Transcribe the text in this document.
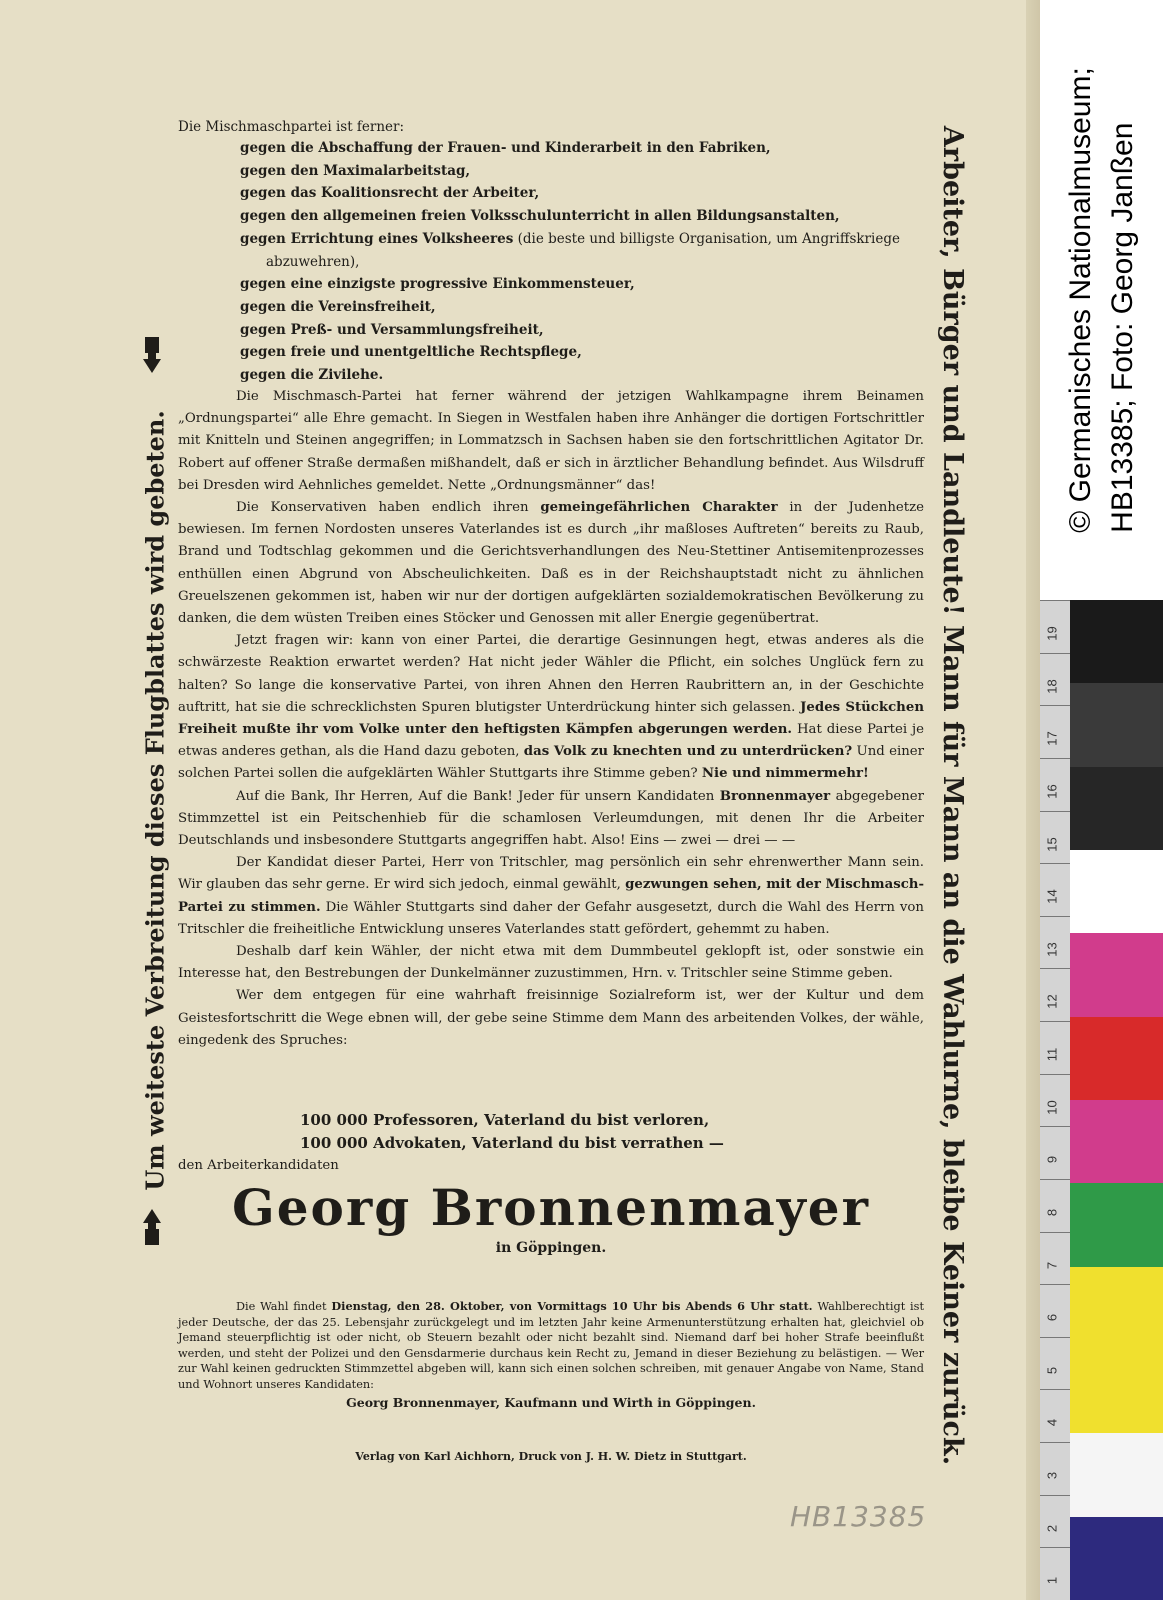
Die Mischmaschpartei ist ferner:
gegen die Abschaffung der Frauen- und Kinderarbeit in den Fabriken,
gegen den Maximalarbeitstag,
gegen das Koalitionsrecht der Arbeiter,
gegen den allgemeinen freien Volksschulunterricht in allen Bildungsanstalten,
gegen Errichtung eines Volksheeres (die beste und billigste Organisation, um Angriffskriege
abzuwehren),
gegen eine einzigste progressive Einkommensteuer,
gegen die Vereinsfreiheit,
gegen Preß- und Versammlungsfreiheit,
gegen freie und unentgeltliche Rechtspflege,
gegen die Zivilehe.

Die Mischmasch-Partei hat ferner während der jetzigen Wahlkampagne ihrem Beinamen „Ordnungspartei“ alle Ehre gemacht. In Siegen in Westfalen haben ihre Anhänger die dortigen Fortschrittler mit Knitteln und Steinen angegriffen; in Lommatzsch in Sachsen haben sie den fortschrittlichen Agitator Dr. Robert auf offener Straße dermaßen mißhandelt, daß er sich in ärztlicher Behandlung befindet. Aus Wilsdruff bei Dresden wird Aehnliches gemeldet. Nette „Ordnungsmänner“ das!

Die Konservativen haben endlich ihren gemeingefährlichen Charakter in der Judenhetze bewiesen. Im fernen Nordosten unseres Vaterlandes ist es durch „ihr maßloses Auftreten“ bereits zu Raub, Brand und Todtschlag gekommen und die Gerichtsverhandlungen des Neu-Stettiner Antisemitenprozesses enthüllen einen Abgrund von Abscheulichkeiten. Daß es in der Reichshauptstadt nicht zu ähnlichen Greuelszenen gekommen ist, haben wir nur der dortigen aufgeklärten sozialdemokratischen Bevölkerung zu danken, die dem wüsten Treiben eines Stöcker und Genossen mit aller Energie gegenübertrat.

Jetzt fragen wir: kann von einer Partei, die derartige Gesinnungen hegt, etwas anderes als die schwärzeste Reaktion erwartet werden? Hat nicht jeder Wähler die Pflicht, ein solches Unglück fern zu halten? So lange die konservative Partei, von ihren Ahnen den Herren Raubrittern an, in der Geschichte auftritt, hat sie die schrecklichsten Spuren blutigster Unterdrückung hinter sich gelassen. Jedes Stückchen Freiheit mußte ihr vom Volke unter den heftigsten Kämpfen abgerungen werden. Hat diese Partei je etwas anderes gethan, als die Hand dazu geboten, das Volk zu knechten und zu unterdrücken? Und einer solchen Partei sollen die aufgeklärten Wähler Stuttgarts ihre Stimme geben? Nie und nimmermehr!

Auf die Bank, Ihr Herren, Auf die Bank! Jeder für unsern Kandidaten Bronnenmayer abgegebener Stimmzettel ist ein Peitschenhieb für die schamlosen Verleumdungen, mit denen Ihr die Arbeiter Deutschlands und insbesondere Stuttgarts angegriffen habt. Also! Eins — zwei — drei — —

Der Kandidat dieser Partei, Herr von Tritschler, mag persönlich ein sehr ehrenwerther Mann sein. Wir glauben das sehr gerne. Er wird sich jedoch, einmal gewählt, gezwungen sehen, mit der Mischmasch-Partei zu stimmen. Die Wähler Stuttgarts sind daher der Gefahr ausgesetzt, durch die Wahl des Herrn von Tritschler die freiheitliche Entwicklung unseres Vaterlandes statt gefördert, gehemmt zu haben.

Deshalb darf kein Wähler, der nicht etwa mit dem Dummbeutel geklopft ist, oder sonstwie ein Interesse hat, den Bestrebungen der Dunkelmänner zuzustimmen, Hrn. v. Tritschler seine Stimme geben.

Wer dem entgegen für eine wahrhaft freisinnige Sozialreform ist, wer der Kultur und dem Geistesfortschritt die Wege ebnen will, der gebe seine Stimme dem Mann des arbeitenden Volkes, der wähle, eingedenk des Spruches:

100 000 Professoren, Vaterland du bist verloren,
100 000 Advokaten, Vaterland du bist verrathen —
den Arbeiterkandidaten
Georg Bronnenmayer
in Göppingen.

Die Wahl findet Dienstag, den 28. Oktober, von Vormittags 10 Uhr bis Abends 6 Uhr statt. Wahlberechtigt ist jeder Deutsche, der das 25. Lebensjahr zurückgelegt und im letzten Jahr keine Armenunterstützung erhalten hat, gleichviel ob Jemand steuerpflichtig ist oder nicht, ob Steuern bezahlt oder nicht bezahlt sind. Niemand darf bei hoher Strafe beeinflußt werden, und steht der Polizei und den Gensdarmerie durchaus kein Recht zu, Jemand in dieser Beziehung zu belästigen. — Wer zur Wahl keinen gedruckten Stimmzettel abgeben will, kann sich einen solchen schreiben, mit genauer Angabe von Name, Stand und Wohnort unseres Kandidaten:

Georg Bronnenmayer, Kaufmann und Wirth in Göppingen.
Verlag von Karl Aichhorn, Druck von J. H. W. Dietz in Stuttgart.
Um weiteste Verbreitung dieses Flugblattes wird gebeten.	Arbeiter, Bürger und Landleute! Mann für Mann an die Wahlurne, bleibe Keiner zurück.
HB13385
© Germanisches Nationalmuseum; HB13385; Foto: Georg Janßen
1
2
3
4
5
6
7
8
9
10
11
12
13
14
15
16
17
18
19
